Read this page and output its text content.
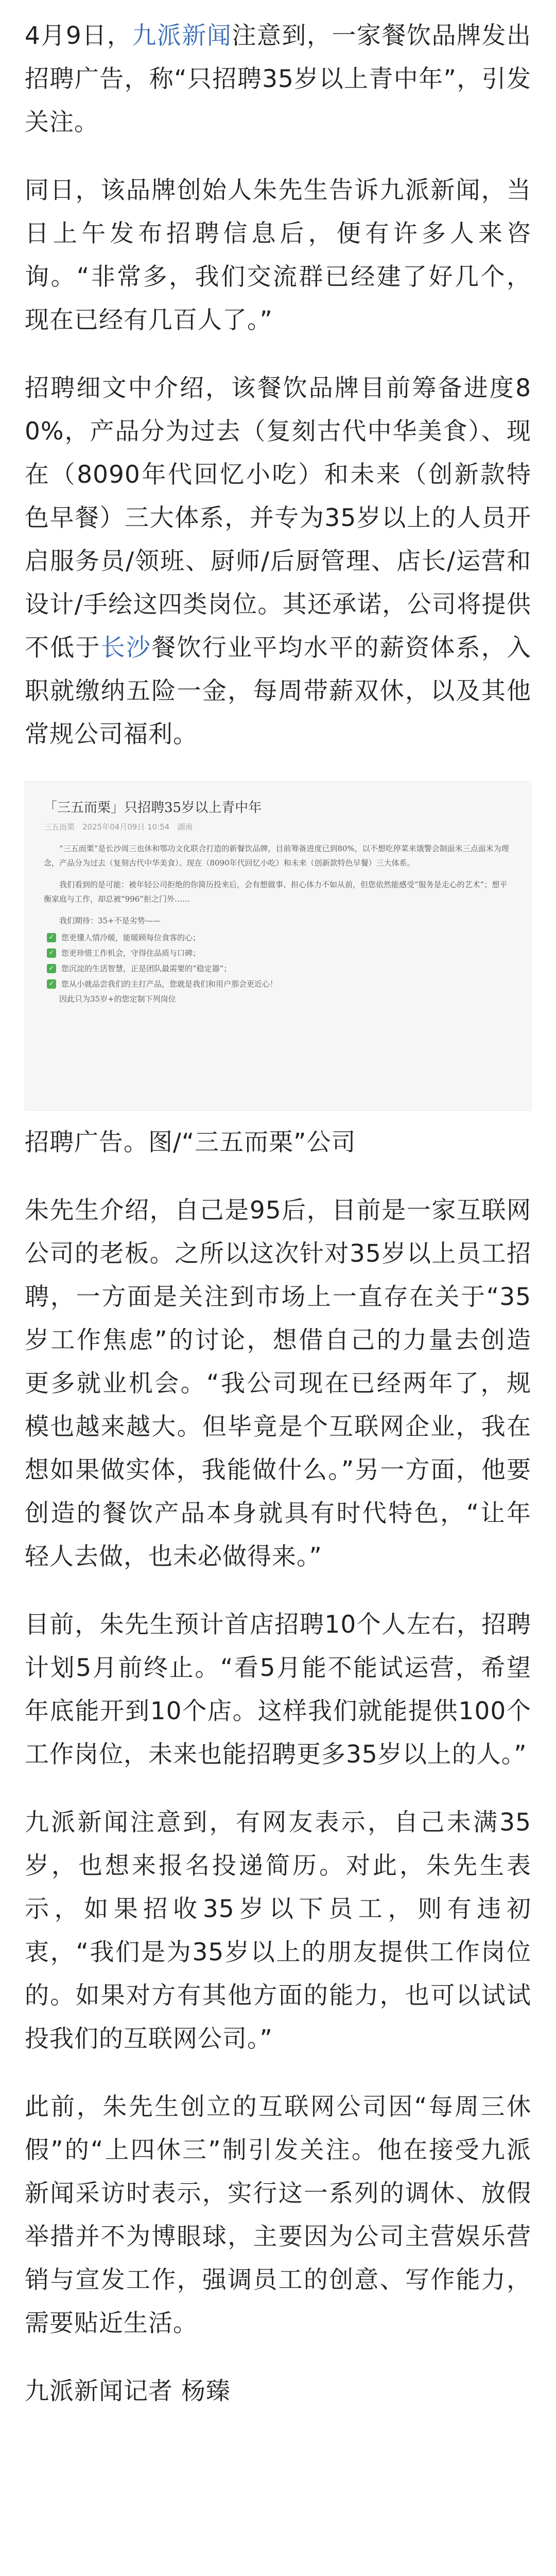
4月9日，九派新闻注意到，一家餐饮品牌发出招聘广告，称“只招聘35岁以上青中年”，引发关注。

同日，该品牌创始人朱先生告诉九派新闻，当日上午发布招聘信息后，便有许多人来咨询。“非常多，我们交流群已经建了好几个，现在已经有几百人了。”

招聘细文中介绍，该餐饮品牌目前筹备进度80%，产品分为过去（复刻古代中华美食）、现在（8090年代回忆小吃）和未来（创新款特色早餐）三大体系，并专为35岁以上的人员开启服务员/领班、厨师/后厨管理、店长/运营和设计/手绘这四类岗位。其还承诺，公司将提供不低于长沙餐饮行业平均水平的薪资体系，入职就缴纳五险一金，每周带薪双休，以及其他常规公司福利。

「三五而栗」只招聘35岁以上青中年
三五而栗　2025年04月09日 10:54　湖南

“三五而栗”是长沙周三也休和鄂功文化联合打造的新餐饮品牌，目前筹备进度已到80%，以不想吃停菜来饿警会制面米三点面米为理念，产品分为过去（复刻古代中华美食）、现在（8090年代回忆小吃）和未来（创新款特色早餐）三大体系。

我们看到的是可能：被年轻公司拒绝的你简历投来后，会有想做事、担心体力不如从前，但您依然能感受“服务是走心的艺术”；想平衡家庭与工作，却总被“996”拒之门外……

我们期待：35+不是劣势——
✓ 您更懂人情冷暖，能暖顾每位食客的心；
✓ 您更珍惜工作机会，守得住品质与口碑；
✓ 您沉淀的生活智慧，正是团队最需要的“稳定器”；
✓ 您从小就品尝我们的主打产品，您就是我们和用户那会更近心！
因此只为35岁+的您定制下列岗位

招聘广告。图/“三五而栗”公司

朱先生介绍，自己是95后，目前是一家互联网公司的老板。之所以这次针对35岁以上员工招聘，一方面是关注到市场上一直存在关于“35岁工作焦虑”的讨论，想借自己的力量去创造更多就业机会。“我公司现在已经两年了，规模也越来越大。但毕竟是个互联网企业，我在想如果做实体，我能做什么。”另一方面，他要创造的餐饮产品本身就具有时代特色，“让年轻人去做，也未必做得来。”

目前，朱先生预计首店招聘10个人左右，招聘计划5月前终止。“看5月能不能试运营，希望年底能开到10个店。这样我们就能提供100个工作岗位，未来也能招聘更多35岁以上的人。”

九派新闻注意到，有网友表示，自己未满35岁，也想来报名投递简历。对此，朱先生表示，如果招收35岁以下员工，则有违初衷，“我们是为35岁以上的朋友提供工作岗位的。如果对方有其他方面的能力，也可以试试投我们的互联网公司。”

此前，朱先生创立的互联网公司因“每周三休假”的“上四休三”制引发关注。他在接受九派新闻采访时表示，实行这一系列的调休、放假举措并不为博眼球，主要因为公司主营娱乐营销与宣发工作，强调员工的创意、写作能力，需要贴近生活。

九派新闻记者 杨臻
